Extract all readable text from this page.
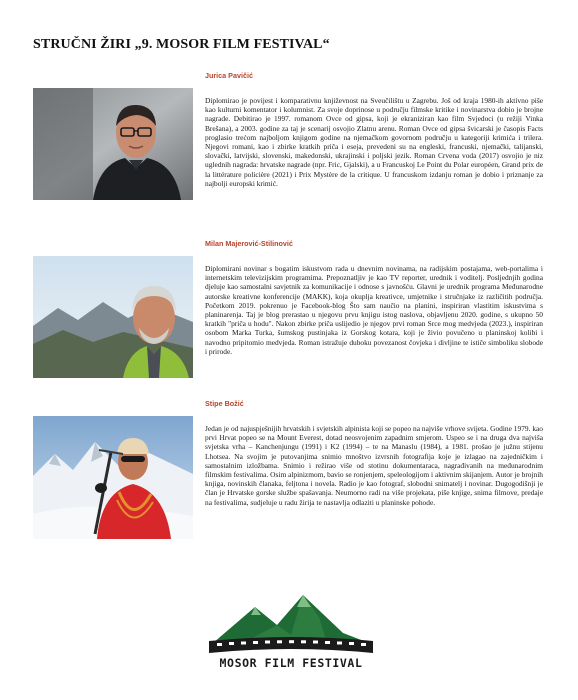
STRUČNI ŽIRI „9. MOSOR FILM FESTIVAL“
Jurica Pavičić

Diplomirao je povijest i komparativnu književnost na Sveučilištu u Zagrebu. Još od kraja 1980-ih aktivno piše kao kulturni komentator i kolumnist. Za svoje doprinose u području filmske kritike i novinarstva dobio je brojne nagrade. Debitirao je 1997. romanom Ovce od gipsa, koji je ekraniziran kao film Svjedoci (u režiji Vinka Brešana), a 2003. godine za taj je scenarij osvojio Zlatnu arenu. Roman Ovce od gipsa švicarski je časopis Facts proglasio trećom najboljom knjigom godine na njemačkom govornom području u kategoriji krimića i trilera. Njegovi romani, kao i zbirke kratkih priča i eseja, prevedeni su na engleski, francuski, njemački, talijanski, slovački, latvijski, slovenski, makedonski, ukrajinski i poljski jezik. Roman Crvena voda (2017) osvojio je niz uglednih nagrada: hrvatske nagrade (npr. Fric, Gjalski), a u Francuskoj Le Point du Polar européen, Grand prix de la littérature policière (2021) i Prix Mystère de la critique. U francuskom izdanju roman je dobio i priznanje za najbolji europski krimić.

Milan Majerović-Stilinović

Diplomirani novinar s bogatim iskustvom rada u dnevnim novinama, na radijskim postajama, web-portalima i internetskim televizijskim programima. Prepoznatljiv je kao TV reporter, urednik i voditelj. Posljednjih godina djeluje kao samostalni savjetnik za komunikacije i odnose s javnošću. Glavni je urednik programa Međunarodne autorske kreativne konferencije (MAKK), koja okuplja kreativce, umjetnike i stručnjake iz različitih područja. Početkom 2019. pokrenuo je Facebook-blog Što sam naučio na planini, inspiriran vlastitim iskustvima s planinarenja. Taj je blog prerastao u njegovu prvu knjigu istog naslova, objavljenu 2020. godine, s ukupno 50 kratkih "priča u hodu". Nakon zbirke priča uslijedio je njegov prvi roman Srce mog medvjeda (2023.), inspiriran osobom Marka Turka, šumskog pustinjaka iz Gorskog kotara, koji je živio povučeno u planinskoj kolibi i navodno pripitomio medvjeda. Roman istražuje duboku povezanost čovjeka i divljine te ističe simboliku slobode i prirode.

Stipe Božić

Jedan je od najuspješnijih hrvatskih i svjetskih alpinista koji se popeo na najviše vrhove svijeta. Godine 1979. kao prvi Hrvat popeo se na Mount Everest, dotad neosvojenim zapadnim smjerom. Uspeo se i na druga dva najviša svjetska vrha – Kanchenjungu (1991) i K2 (1994) – te na Manaslu (1984), a 1981. prošao je južnu stijenu Lhotsea. Na svojim je putovanjima snimio mnoštvo izvrsnih fotografija koje je izlagao na zajedničkim i samostalnim izložbama. Snimio i režirao više od stotinu dokumentaraca, nagrađivanih na međunarodnim filmskim festivalima. Osim alpinizmom, bavio se ronjenjem, speleologijom i aktivnim skijanjem. Autor je brojnih knjiga, novinskih članaka, feljtona i novela. Radio je kao fotograf, slobodni snimatelj i novinar. Dugogodišnji je član je Hrvatske gorske službe spašavanja. Neumorno radi na više projekata, piše knjige, snima filmove, predaje na festivalima, sudjeluje u radu žirija te nastavlja odlaziti u planinske pohode.

MOSOR FILM FESTIVAL
